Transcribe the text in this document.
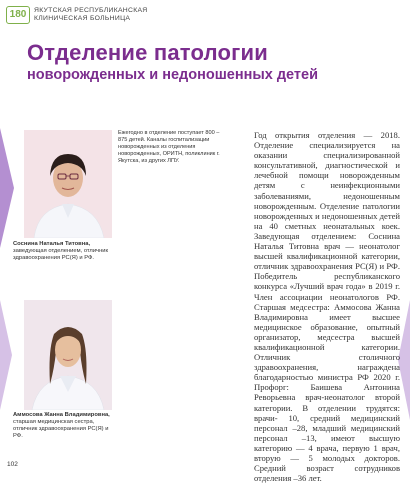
180	ЯКУТСКАЯ РЕСПУБЛИКАНСКАЯ
КЛИНИЧЕСКАЯ БОЛЬНИЦА
Отделение патологии
новорожденных и недоношенных детей
Соснина Наталья Титовна,
заведующая отделением, отличник здравоохранения РС(Я) и РФ.
Ежегодно в отделение поступает 800 –875 детей. Каналы госпитализации новорожденных из отделения новорожденных, ОРИТН, поликлиник г. Якутска, из других ЛПУ.
Аммосова Жанна Владимировна,
старшая медицинская сестра, отличник здравоохранения РС(Я) и РФ.
Год открытия отделения — 2018. Отделение специализируется на оказании специализированной консультативной, диагностической и лечебной помощи новорожденным детям с неинфекционными заболеваниями, недоношенным новорожденным. Отделение патологии новорожденных и недоношенных детей на 40 сметных неонатальных коек. Заведующая отделением: Соснина Наталья Титовна врач — неонатолог высшей квалификационной категории, отличник здравоохранения РС(Я) и РФ. Победитель республиканского конкурса «Лучший врач года» в 2019 г. Член ассоциации неонатологов РФ. Старшая медсестра: Аммосова Жанна Владимировна имеет высшее медицинское образование, опытный организатор, медсестра высшей квалификационной категории. Отличник столичного здравоохранения, награждена благодарностью министра РФ 2020 г. Профорг: Баишева Антонина Реворьевна врач-неонатолог второй категории. В отделении трудятся: врачи- 10, средний медицинский персонал –28, младший медицинский персонал –13, имеют высшую категорию — 4 врача, первую 1 врач, вторую — 5 молодых докторов. Средний возраст сотрудников отделения –36 лет.
102
